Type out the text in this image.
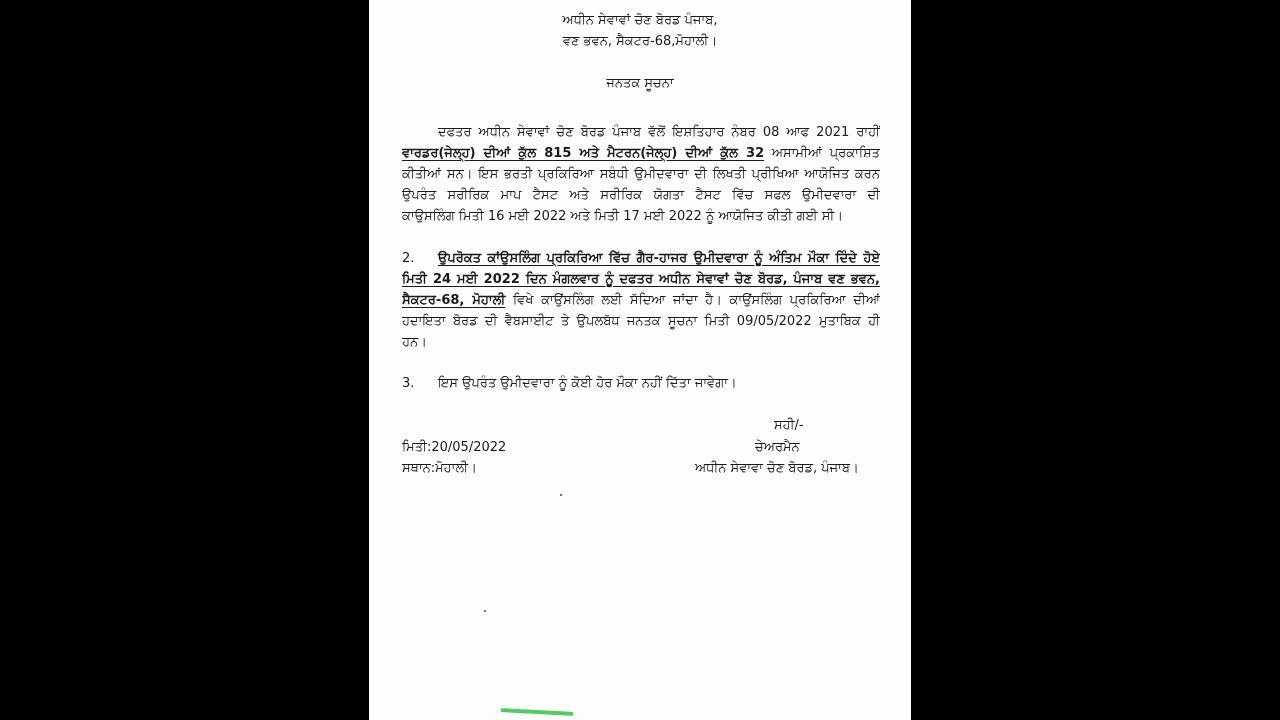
ਅਧੀਨ ਸੇਵਾਵਾਂ ਚੋਣ ਬੋਰਡ ਪੰਜਾਬ,
ਵਣ ਭਵਨ, ਸੈਕਟਰ-68,ਮੋਹਾਲੀ।
ਜਨਤਕ ਸੂਚਨਾ
ਦਫਤਰ ਅਧੀਨ ਸੇਵਾਵਾਂ ਚੋਣ ਬੋਰਡ ਪੰਜਾਬ ਵੱਲੋਂ ਇਸ਼ਤਿਹਾਰ ਨੰਬਰ 08 ਆਫ 2021 ਰਾਹੀਂ
ਵਾਰਡਰ(ਜੇਲ੍ਹ) ਦੀਆਂ ਕੁੱਲ 815 ਅਤੇ ਮੈਟਰਨ(ਜੇਲ੍ਹ) ਦੀਆਂ ਕੁੱਲ 32 ਅਸਾਮੀਆਂ ਪ੍ਰਕਾਸ਼ਿਤ
ਕੀਤੀਆਂ ਸਨ। ਇਸ ਭਰਤੀ ਪ੍ਰਕਿਰਿਆ ਸਬੰਧੀ ਉਮੀਦਵਾਰਾ ਦੀ ਲਿਖਤੀ ਪ੍ਰੀਖਿਆ ਆਯੋਜਿਤ ਕਰਨ
ਉਪਰੰਤ ਸਰੀਰਿਕ ਮਾਪ ਟੈਸਟ ਅਤੇ ਸਰੀਰਿਕ ਯੋਗਤਾ ਟੈਸਟ ਵਿੱਚ ਸਫਲ ਉਮੀਦਵਾਰਾ ਦੀ
ਕਾਉਸਲਿੰਗ ਮਿਤੀ 16 ਮਈ 2022 ਅਤੇ ਮਿਤੀ 17 ਮਈ 2022 ਨੂੰ ਆਯੋਜਿਤ ਕੀਤੀ ਗਈ ਸੀ।
2. ਉਪਰੋਕਤ ਕਾਂਉਸਲਿੰਗ ਪ੍ਰਕਿਰਿਆ ਵਿੱਚ ਗੈਰ-ਹਾਜਰ ਉਮੀਦਵਾਰਾ ਨੂੰ ਅੰਤਿਮ ਮੌਕਾ ਦਿੰਦੇ ਹੋਏ
ਮਿਤੀ 24 ਮਈ 2022 ਦਿਨ ਮੰਗਲਵਾਰ ਨੂੰ ਦਫਤਰ ਅਧੀਨ ਸੇਵਾਵਾਂ ਚੋਣ ਬੋਰਡ, ਪੰਜਾਬ ਵਣ ਭਵਨ,
ਸੈਕਟਰ-68, ਮੋਹਾਲੀ ਵਿਖੇ ਕਾਉਂਸਲਿੰਗ ਲਈ ਸੱਦਿਆ ਜਾਂਦਾ ਹੈ। ਕਾਉਂਸਲਿੰਗ ਪ੍ਰਕਿਰਿਆ ਦੀਆਂ
ਹਦਾਇਤਾ ਬੋਰਡ ਦੀ ਵੈਬਸਾਈਟ ਤੇ ਉਪਲਬੱਧ ਜਨਤਕ ਸੂਚਨਾ ਮਿਤੀ 09/05/2022 ਮੁਤਾਬਿਕ ਹੀ
ਹਨ।
3. ਇਸ ਉਪਰੰਤ ਉਮੀਦਵਾਰਾ ਨੂੰ ਕੋਈ ਹੋਰ ਮੌਕਾ ਨਹੀਂ ਦਿੱਤਾ ਜਾਵੇਗਾ।
ਸਹੀ/-
ਮਿਤੀ:20/05/2022	ਚੇਅਰਮੈਨ
ਸਥਾਨ:ਮੋਹਾਲੀ।	ਅਧੀਨ ਸੇਵਾਵਾ ਚੋਣ ਬੋਰਡ, ਪੰਜਾਬ।
